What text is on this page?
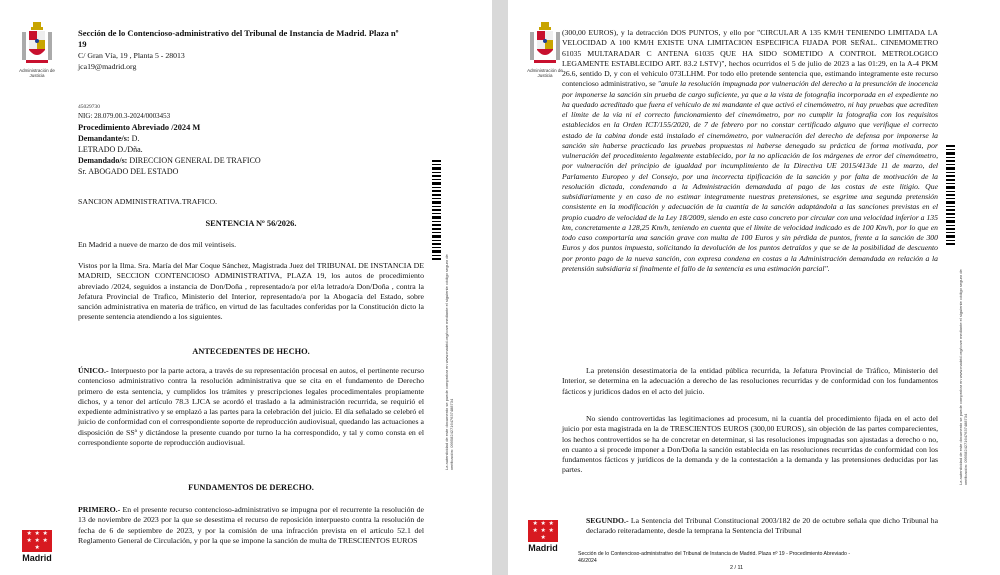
Administración de Justicia
Sección de lo Contencioso-administrativo del Tribunal de Instancia de Madrid. Plaza nº 19
C/ Gran Vía, 19 , Planta 5 - 28013
jca19@madrid.org
45029730
NIG: 28.079.00.3-2024/0003453
Procedimiento Abreviado /2024 M
Demandante/s: D.
LETRADO D./Dña.
Demandado/s: DIRECCION GENERAL DE TRAFICO
Sr. ABOGADO DEL ESTADO
SANCION ADMINISTRATIVA.TRAFICO.
SENTENCIA Nº 56/2026.
En Madrid a nueve de marzo de dos mil veintiseis.
Vistos por la Ilma. Sra. María del Mar Coque Sánchez, Magistrada Juez del TRIBUNAL DE INSTANCIA DE MADRID, SECCION CONTENCIOSO ADMINISTRATIVA, PLAZA 19, los autos de procedimiento abreviado /2024, seguidos a instancia de Don/Doña , representado/a por el/la letrado/a Don/Doña , contra la Jefatura Provincial de Trafico, Ministerio del Interior, representado/a por la Abogacía del Estado, sobre sanción administrativa en materia de tráfico, en virtud de las facultades conferidas por la Constitución dicto la presente sentencia atendiendo a los siguientes.
ANTECEDENTES DE HECHO.
ÚNICO.- Interpuesto por la parte actora, a través de su representación procesal en autos, el pertinente recurso contencioso administrativo contra la resolución administrativa que se cita en el fundamento de Derecho primero de esta sentencia, y cumplidos los trámites y prescripciones legales procedimentales propiamente dichos, y a tenor del artículo 78.3 LJCA se acordó el traslado a la administración recurrida, se requirió el expediente administrativo y se emplazó a las partes para la celebración del juicio. El día señalado se celebró el juicio de conformidad con el correspondiente soporte de reproducción audiovisual, quedando las actuaciones a disposición de SSª y dictándose la presente cuando por turno la ha correspondido, y tal y como consta en el correspondiente soporte de reproducción audiovisual.
FUNDAMENTOS DE DERECHO.
PRIMERO.- En el presente recurso contencioso-administrativo se impugna por el recurrente la resolución de 13 de noviembre de 2023 por la que se desestima el recurso de reposición interpuesto contra la resolución de fecha de 6 de septiembre de 2023, y por la comisión de una infracción prevista en el artículo 52.1 del Reglamento General de Circulación, y por la que se impone la sanción de multa de TRESCIENTOS EUROS
La autenticidad de este documento se puede comprobar en www.madrid.org/cove mediante el siguiente código seguro de verificación: 0995824271647637488734
★ ★ ★
★ ★ ★
★
Madrid
Administración de Justicia
(300,00 EUROS), y la detracción DOS PUNTOS, y ello por "CIRCULAR A 135 KM/H TENIENDO LIMITADA LA VELOCIDAD A 100 KM/H EXISTE UNA LIMITACION ESPECIFICA FIJADA POR SEÑAL. CINEMOMETRO 61035 MULTARADAR C ANTENA 61035 QUE HA SIDO SOMETIDO A CONTROL METROLOGICO LEGAMENTE ESTABLECIDO ART. 83.2 LSTV)", hechos ocurridos el 5 de julio de 2023 a las 01:29, en la A-4 PKM 26.6, sentido D, y con el vehículo 073LLHM. Por todo ello pretende sentencia que, estimando integramente este recurso contencioso administrativo, se "anule la resolución impugnada por vulneración del derecho a la presunción de inocencia por imponerse la sanción sin prueba de cargo suficiente, ya que a la vista de fotografía incorporada en el expediente no ha quedado acreditado que fuera el vehículo de mi mandante el que activó el cinemómetro, ni hay pruebas que acrediten el límite de la vía ni el correcto funcionamiento del cinemómetro, por no cumplir la fotografía con los requisitos establecidos en la Orden ICT/155/2020, de 7 de febrero por no constar certificado alguno que verifique el correcto estado de la cabina donde está instalado el cinemómetro, por vulneración del derecho de defensa por imponerse la sanción sin haberse practicado las pruebas propuestas ni haberse denegado su práctica de forma motivada, por vulneración del procedimiento legalmente establecido, por la no aplicación de los márgenes de error del cinemómetro, por vulneración del principio de igualdad por incumplimiento de la Directiva UE 2015/413de 11 de marzo, del Parlamento Europeo y del Consejo, por una incorrecta tipificación de la sanción y por falta de motivación de la resolución dictada, condenando a la Administración demandada al pago de las costas de este litigio. Que subsidiariamente y en caso de no estimar integramente nuestras pretensiones, se esgrime una segunda pretensión consistente en la modificación y adecuación de la cuantía de la sanción adaptándola a las sanciones previstas en el propio cuadro de velocidad de la Ley 18/2009, siendo en este caso concreto por circular con una velocidad inferior a 135 km, concretamente a 128,25 Km/h, teniendo en cuenta que el límite de velocidad indicado es de 100 Km/h, por lo que en todo caso comportaría una sanción grave con multa de 100 Euros y sin pérdida de puntos, frente a la sanción de 300 Euros y dos puntos impuesta, solicitando la devolución de los puntos detraídos y que se de la posibilidad de descuento por pronto pago de la nueva sanción, con expresa condena en costas a la Administración demandada en relación a la pretensión subsidiaria si finalmente el fallo de la sentencia es una estimación parcial".
La pretensión desestimatoria de la entidad pública recurrida, la Jefatura Provincial de Tráfico, Ministerio del Interior, se determina en la adecuación a derecho de las resoluciones recurridas y de conformidad con los fundamentos fácticos y jurídicos dados en el acto del juicio.
No siendo controvertidas las legitimaciones ad procesum, ni la cuantía del procedimiento fijada en el acto del juicio por esta magistrada en la de TRESCIENTOS EUROS (300,00 EUROS), sin objeción de las partes comparecientes, los hechos controvertidos se ha de concretar en determinar, si las resoluciones impugnadas son ajustadas a derecho o no, en cuanto a si procede imponer a Don/Doña la sanción establecida en las resoluciones recurridas de conformidad con los fundamentos fácticos y jurídicos de la demanda y de la contestación a la demanda y las pretensiones deducidas por las partes.
SEGUNDO.- La Sentencia del Tribunal Constitucional 2003/182 de 20 de octubre señala que dicho Tribunal ha declarado reiteradamente, desde la temprana la Sentencia del Tribunal
La autenticidad de este documento se puede comprobar en www.madrid.org/cove mediante el siguiente código seguro de verificación: 0995824271647637488734
★ ★ ★
★ ★ ★
★
Madrid
Sección de lo Contencioso-administrativo del Tribunal de Instancia de Madrid. Plaza nº 19 - Procedimiento Abreviado -
46/2024
2 / 11
